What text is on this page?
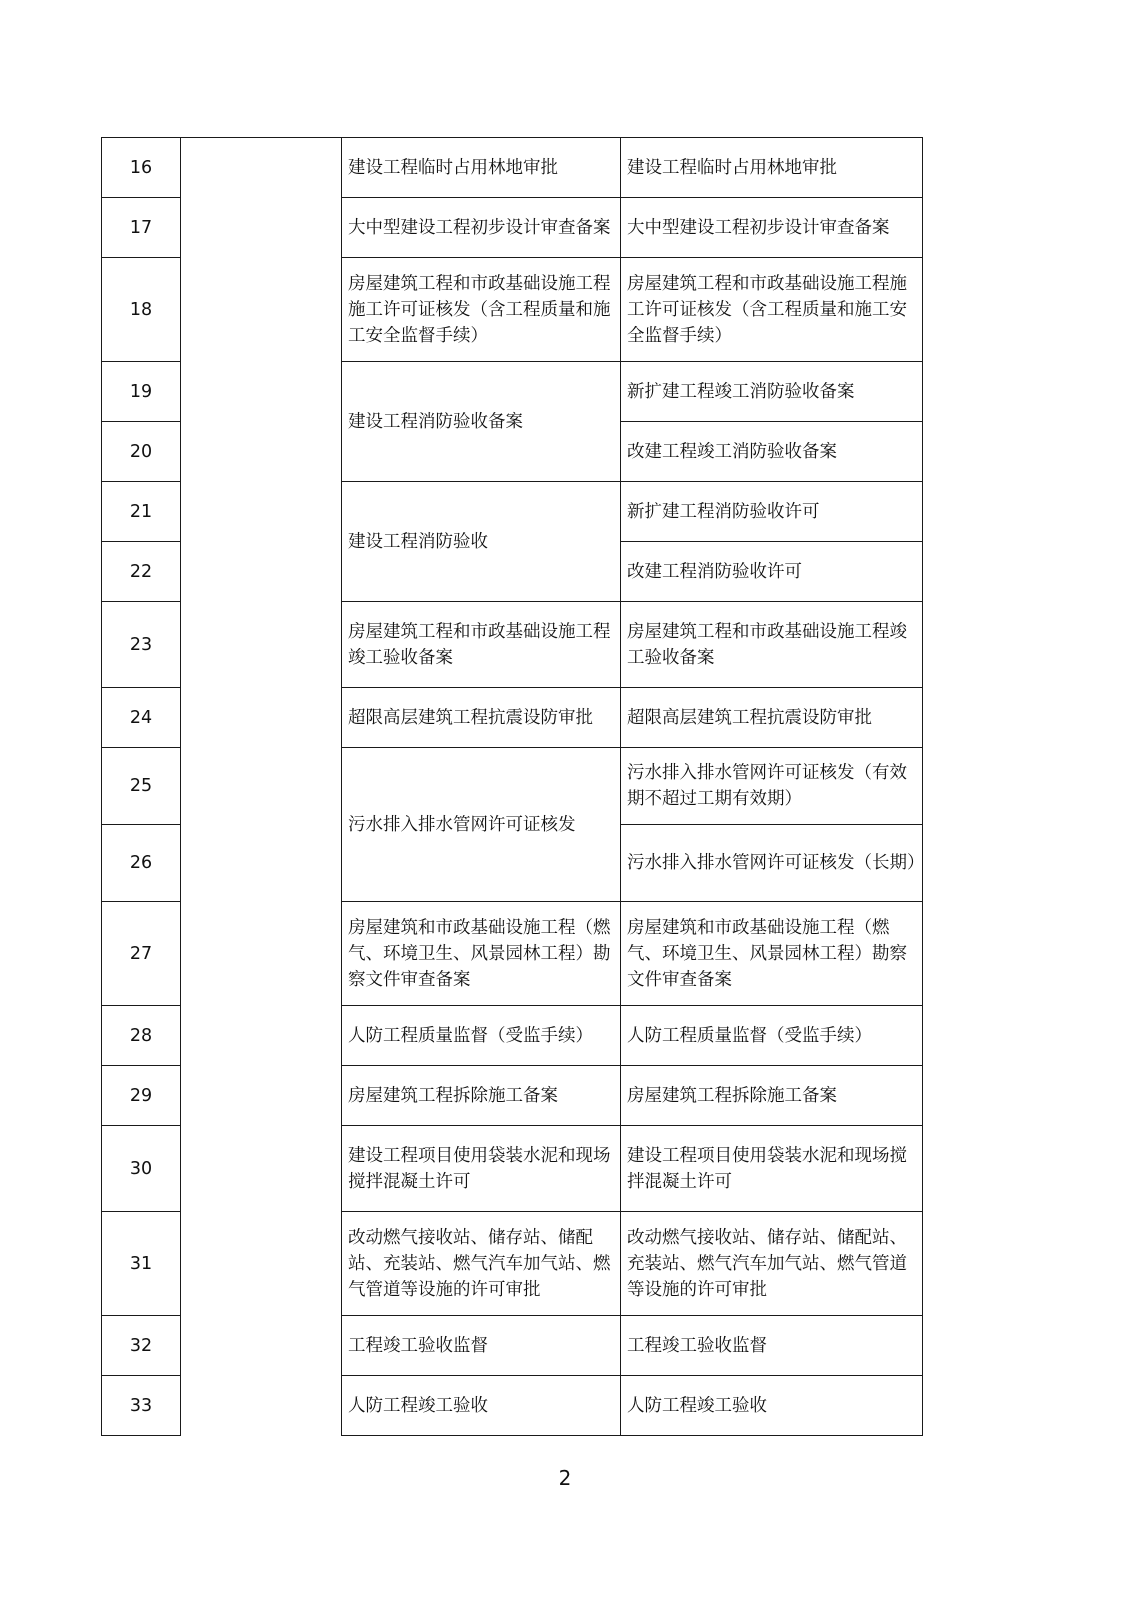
16		建设工程临时占用林地审批	建设工程临时占用林地审批
17		大中型建设工程初步设计审查备案	大中型建设工程初步设计审查备案
18		房屋建筑工程和市政基础设施工程施工许可证核发（含工程质量和施工安全监督手续）	房屋建筑工程和市政基础设施工程施工许可证核发（含工程质量和施工安全监督手续）
19		建设工程消防验收备案	新扩建工程竣工消防验收备案
20			改建工程竣工消防验收备案
21		建设工程消防验收	新扩建工程消防验收许可
22			改建工程消防验收许可
23		房屋建筑工程和市政基础设施工程竣工验收备案	房屋建筑工程和市政基础设施工程竣工验收备案
24		超限高层建筑工程抗震设防审批	超限高层建筑工程抗震设防审批
25		污水排入排水管网许可证核发	污水排入排水管网许可证核发（有效期不超过工期有效期）
26			污水排入排水管网许可证核发（长期）
27		房屋建筑和市政基础设施工程（燃气、环境卫生、风景园林工程）勘察文件审查备案	房屋建筑和市政基础设施工程（燃气、环境卫生、风景园林工程）勘察文件审查备案
28		人防工程质量监督（受监手续）	人防工程质量监督（受监手续）
29		房屋建筑工程拆除施工备案	房屋建筑工程拆除施工备案
30		建设工程项目使用袋装水泥和现场搅拌混凝土许可	建设工程项目使用袋装水泥和现场搅拌混凝土许可
31		改动燃气接收站、储存站、储配站、充装站、燃气汽车加气站、燃气管道等设施的许可审批	改动燃气接收站、储存站、储配站、充装站、燃气汽车加气站、燃气管道等设施的许可审批
32		工程竣工验收监督	工程竣工验收监督
33		人防工程竣工验收	人防工程竣工验收
2
